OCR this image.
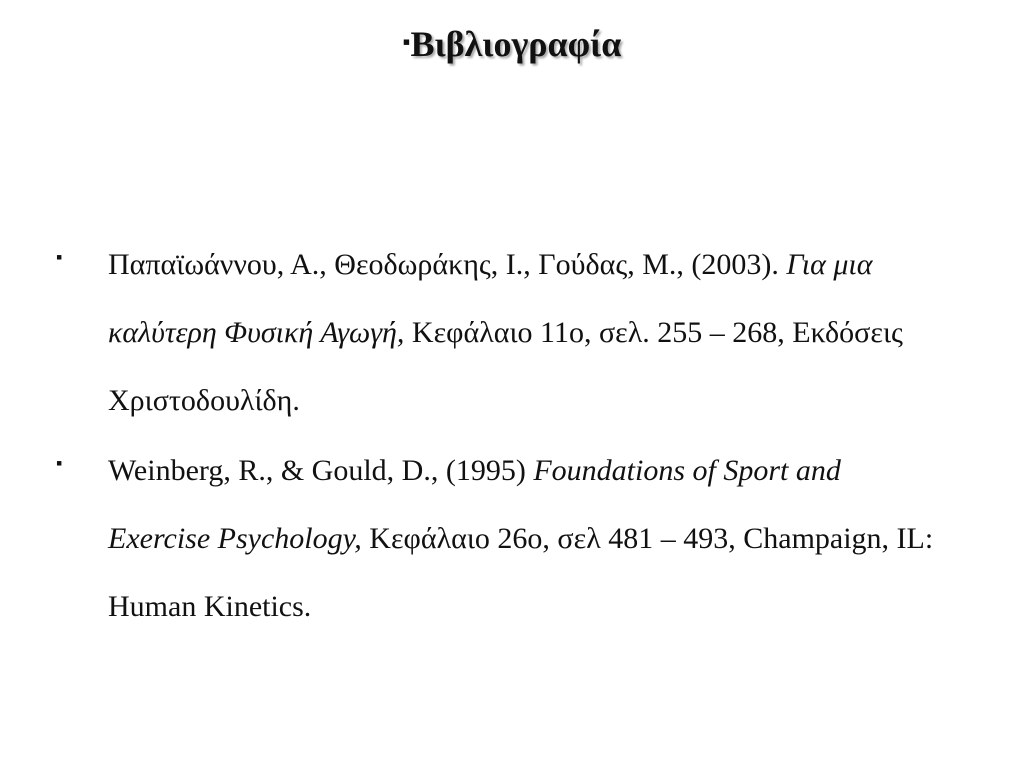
▪Βιβλιογραφία
▪ Παπαϊωάννου, Α., Θεοδωράκης, Ι., Γούδας, Μ., (2003). Για μια καλύτερη Φυσική Αγωγή, Κεφάλαιο 11ο, σελ. 255 – 268, Εκδόσεις Χριστοδουλίδη.
▪ Weinberg, R., & Gould, D., (1995) Foundations of Sport and Exercise Psychology, Κεφάλαιο 26ο, σελ 481 – 493, Champaign, IL: Human Kinetics.
